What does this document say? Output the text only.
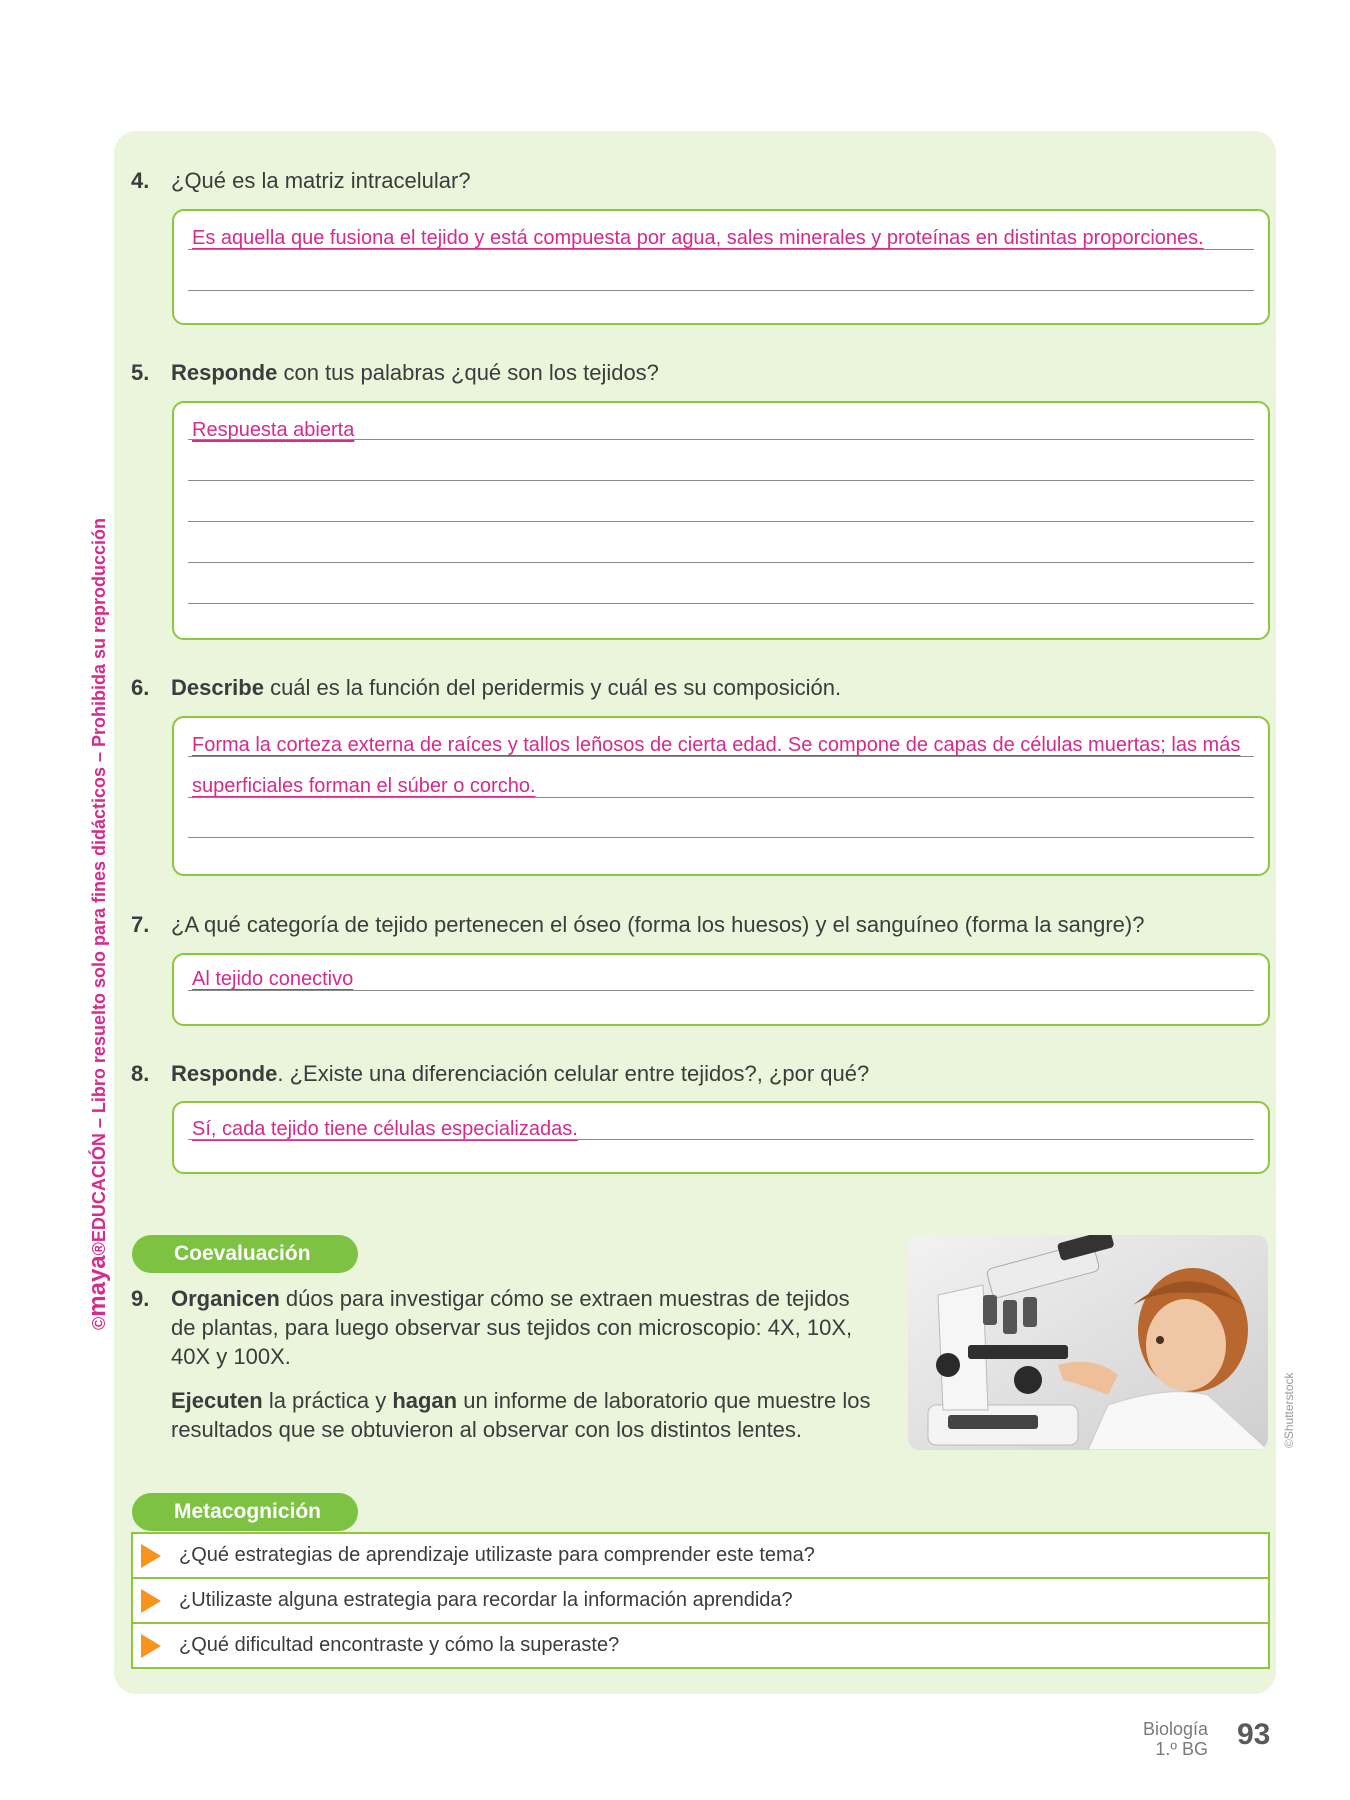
©maya®EDUCACIÓN – Libro resuelto solo para fines didácticos – Prohibida su reproducción
4. ¿Qué es la matriz intracelular?
Es aquella que fusiona el tejido y está compuesta por agua, sales minerales y proteínas en distintas proporciones.
5. Responde con tus palabras ¿qué son los tejidos?
Respuesta abierta
6. Describe cuál es la función del peridermis y cuál es su composición.
Forma la corteza externa de raíces y tallos leñosos de cierta edad. Se compone de capas de células muertas; las más
superficiales forman el súber o corcho.
7. ¿A qué categoría de tejido pertenecen el óseo (forma los huesos) y el sanguíneo (forma la sangre)?
Al tejido conectivo
8. Responde. ¿Existe una diferenciación celular entre tejidos?, ¿por qué?
Sí, cada tejido tiene células especializadas.
Coevaluación
9. Organicen dúos para investigar cómo se extraen muestras de tejidos de plantas, para luego observar sus tejidos con microscopio: 4X, 10X, 40X y 100X.

Ejecuten la práctica y hagan un informe de laboratorio que muestre los resultados que se obtuvieron al observar con los distintos lentes.	©Shutterstock
Metacognición
¿Qué estrategias de aprendizaje utilizaste para comprender este tema?
¿Utilizaste alguna estrategia para recordar la información aprendida?
¿Qué dificultad encontraste y cómo la superaste?
Biología
1.º BG 93
